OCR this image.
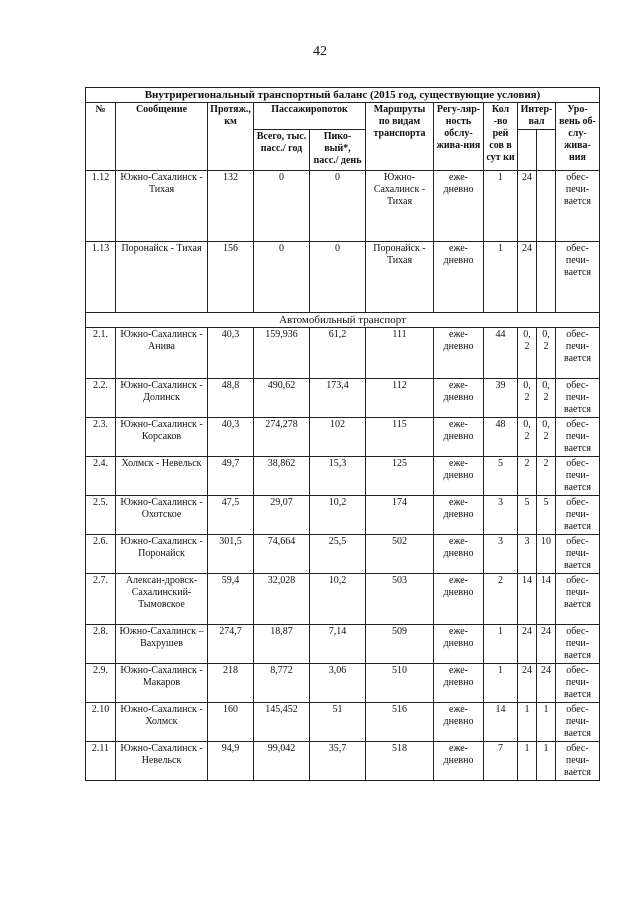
42
Внутрирегиональный транспортный баланс (2015 год, существующие условия)										
№	Сообщение	Протяж., км	Пассажиропоток		Маршруты по видам транспорта	Регу-ляр-ность обслу-жива-ния	Кол -во рей сов в сут ки	Интер-вал		Уро-вень об-слу-жива-ния
			Всего, тыс. пасс./ год	Пико-вый*, пасс./ день						
1.12	Южно-Сахалинск - Тихая	132	0	0	Южно-Сахалинск - Тихая	еже-дневно	1	24		обес-печи-вается
1.13	Поронайск - Тихая	156	0	0	Поронайск - Тихая	еже-дневно	1	24		обес-печи-вается
Автомобильный транспорт										
2.1.	Южно-Сахалинск - Анива	40,3	159,936	61,2	111	еже-дневно	44	0, 2	0, 2	обес-печи-вается
2.2.	Южно-Сахалинск - Долинск	48,8	490,62	173,4	112	еже-дневно	39	0, 2	0, 2	обес-печи-вается
2.3.	Южно-Сахалинск - Корсаков	40,3	274,278	102	115	еже-дневно	48	0, 2	0, 2	обес-печи-вается
2.4.	Холмск - Невельск	49,7	38,862	15,3	125	еже-дневно	5	2	2	обес-печи-вается
2.5.	Южно-Сахалинск - Охотское	47,5	29,07	10,2	174	еже-дневно	3	5	5	обес-печи-вается
2.6.	Южно-Сахалинск - Поронайск	301,5	74,664	25,5	502	еже-дневно	3	3	10	обес-печи-вается
2.7.	Алексан-дровск-Сахалинский-Тымовское	59,4	32,028	10,2	503	еже-дневно	2	14	14	обес-печи-вается
2.8.	Южно-Сахалинск – Вахрушев	274,7	18,87	7,14	509	еже-дневно	1	24	24	обес-печи-вается
2.9.	Южно-Сахалинск - Макаров	218	8,772	3,06	510	еже-дневно	1	24	24	обес-печи-вается
2.10	Южно-Сахалинск - Холмск	160	145,452	51	516	еже-дневно	14	1	1	обес-печи-вается
2.11	Южно-Сахалинск - Невельск	94,9	99,042	35,7	518	еже-дневно	7	1	1	обес-печи-вается
